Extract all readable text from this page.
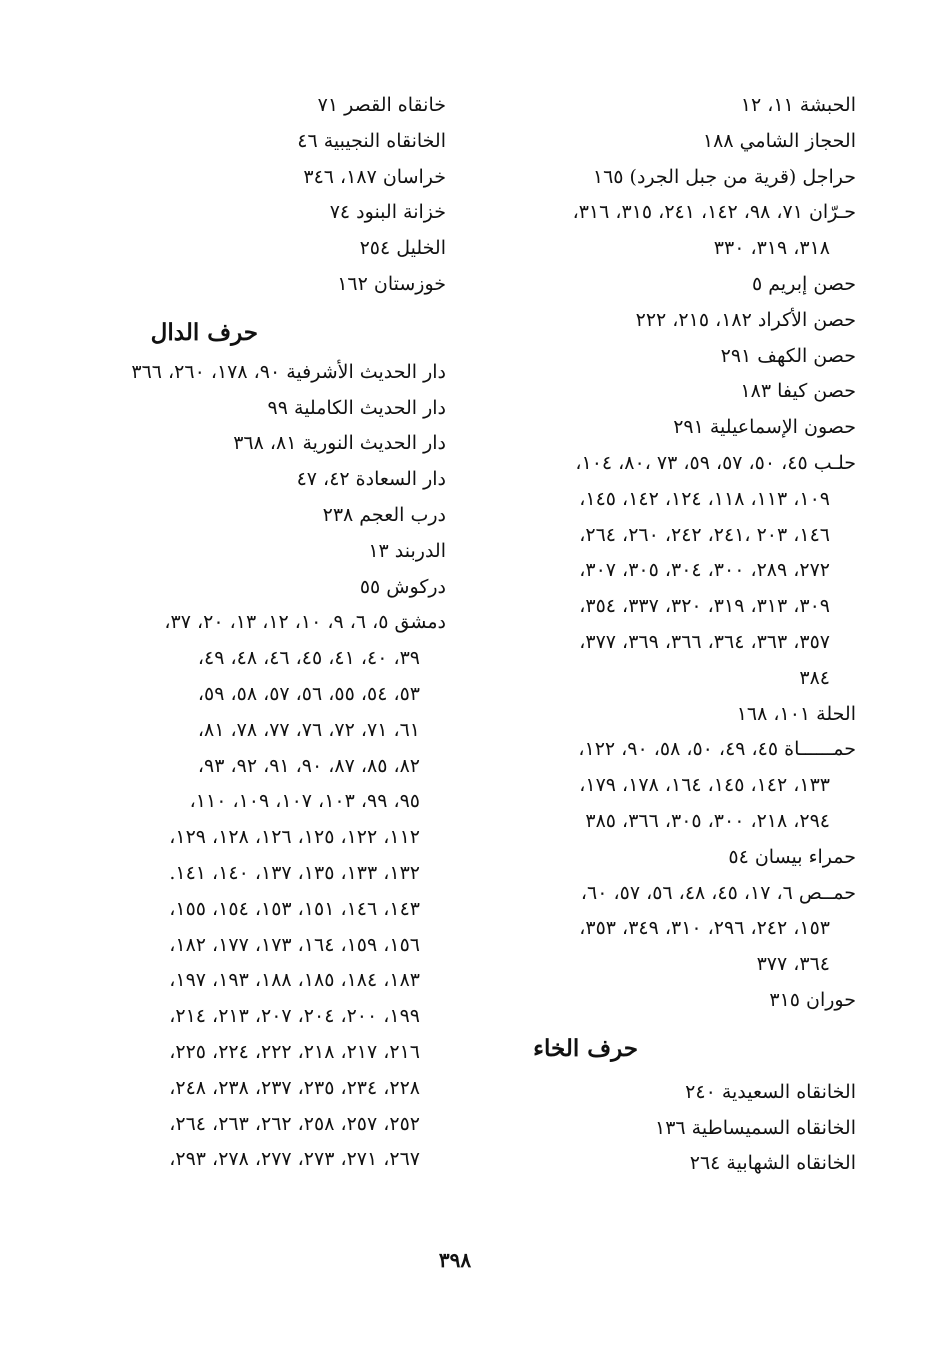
الحبشة ١١، ١٢
الحجاز الشامي ١٨٨
حراجل (قرية من جبل الجرد) ١٦٥
حـرّان ٧١، ٩٨، ١٤٢، ٢٤١، ٣١٥، ٣١٦،
٣١٨، ٣١٩، ٣٣٠
حصن إبريم ٥
حصن الأكراد ١٨٢، ٢١٥، ٢٢٢
حصن الكهف ٢٩١
حصن كيفا ١٨٣
حصون الإسماعيلية ٢٩١
حلـب ٤٥، ٥٠، ٥٧، ٥٩، ٧٣ ،٨٠، ١٠٤،
١٠٩، ١١٣، ١١٨، ١٢٤، ١٤٢، ١٤٥،
١٤٦، ٢٠٣ ،٢٤١، ٢٤٢، ٢٦٠، ٢٦٤،
٢٧٢، ٢٨٩، ٣٠٠، ٣٠٤، ٣٠٥، ٣٠٧،
٣٠٩، ٣١٣، ٣١٩، ٣٢٠، ٣٣٧، ٣٥٤،
٣٥٧، ٣٦٣، ٣٦٤، ٣٦٦، ٣٦٩، ٣٧٧،
٣٨٤
الحلة ١٠١، ١٦٨
حمــــــاة ٤٥، ٤٩، ٥٠، ٥٨، ٩٠، ١٢٢،
١٣٣، ١٤٢، ١٤٥، ١٦٤، ١٧٨، ١٧٩،
٢٩٤، ٢١٨، ٣٠٠، ٣٠٥، ٣٦٦، ٣٨٥
حمراء بيسان ٥٤
حمــص ٦، ١٧، ٤٥، ٤٨، ٥٦، ٥٧، ٦٠،
١٥٣، ٢٤٢، ٢٩٦، ٣١٠، ٣٤٩، ٣٥٣،
٣٦٤، ٣٧٧
حوران ٣١٥
حرف الخاء
الخانقاه السعيدية ٢٤٠
الخانقاه السميساطية ١٣٦
الخانقاه الشهابية ٢٦٤
خانقاه القصر ٧١
الخانقاه النجيبية ٤٦
خراسان ١٨٧، ٣٤٦
خزانة البنود ٧٤
الخليل ٢٥٤
خوزستان ١٦٢
حرف الدال
دار الحديث الأشرفية ٩٠، ١٧٨، ٢٦٠، ٣٦٦
دار الحديث الكاملية ٩٩
دار الحديث النورية ٨١، ٣٦٨
دار السعادة ٤٢، ٤٧
درب العجم ٢٣٨
الدربند ١٣
دركوش ٥٥
دمشق ٥، ٦، ٩، ١٠، ١٢، ١٣، ٢٠، ٣٧،
٣٩، ٤٠، ٤١، ٤٥، ٤٦، ٤٨، ٤٩،
٥٣، ٥٤، ٥٥، ٥٦، ٥٧، ٥٨، ٥٩،
٦١، ٧١، ٧٢، ٧٦، ٧٧، ٧٨، ٨١،
٨٢، ٨٥، ٨٧، ٩٠، ٩١، ٩٢، ٩٣،
٩٥، ٩٩، ١٠٣، ١٠٧، ١٠٩، ١١٠،
١١٢، ١٢٢، ١٢٥، ١٢٦، ١٢٨، ١٢٩،
١٣٢، ١٣٣، ١٣٥، ١٣٧، ١٤٠، ١٤١.
١٤٣، ١٤٦، ١٥١، ١٥٣، ١٥٤، ١٥٥،
١٥٦، ١٥٩، ١٦٤، ١٧٣، ١٧٧، ١٨٢،
١٨٣، ١٨٤، ١٨٥، ١٨٨، ١٩٣، ١٩٧،
١٩٩، ٢٠٠، ٢٠٤، ٢٠٧، ٢١٣، ٢١٤،
٢١٦، ٢١٧، ٢١٨، ٢٢٢، ٢٢٤، ٢٢٥،
٢٢٨، ٢٣٤، ٢٣٥، ٢٣٧، ٢٣٨، ٢٤٨،
٢٥٢، ٢٥٧، ٢٥٨، ٢٦٢، ٢٦٣، ٢٦٤،
٢٦٧، ٢٧١، ٢٧٣، ٢٧٧، ٢٧٨، ٢٩٣،
٣٩٨
